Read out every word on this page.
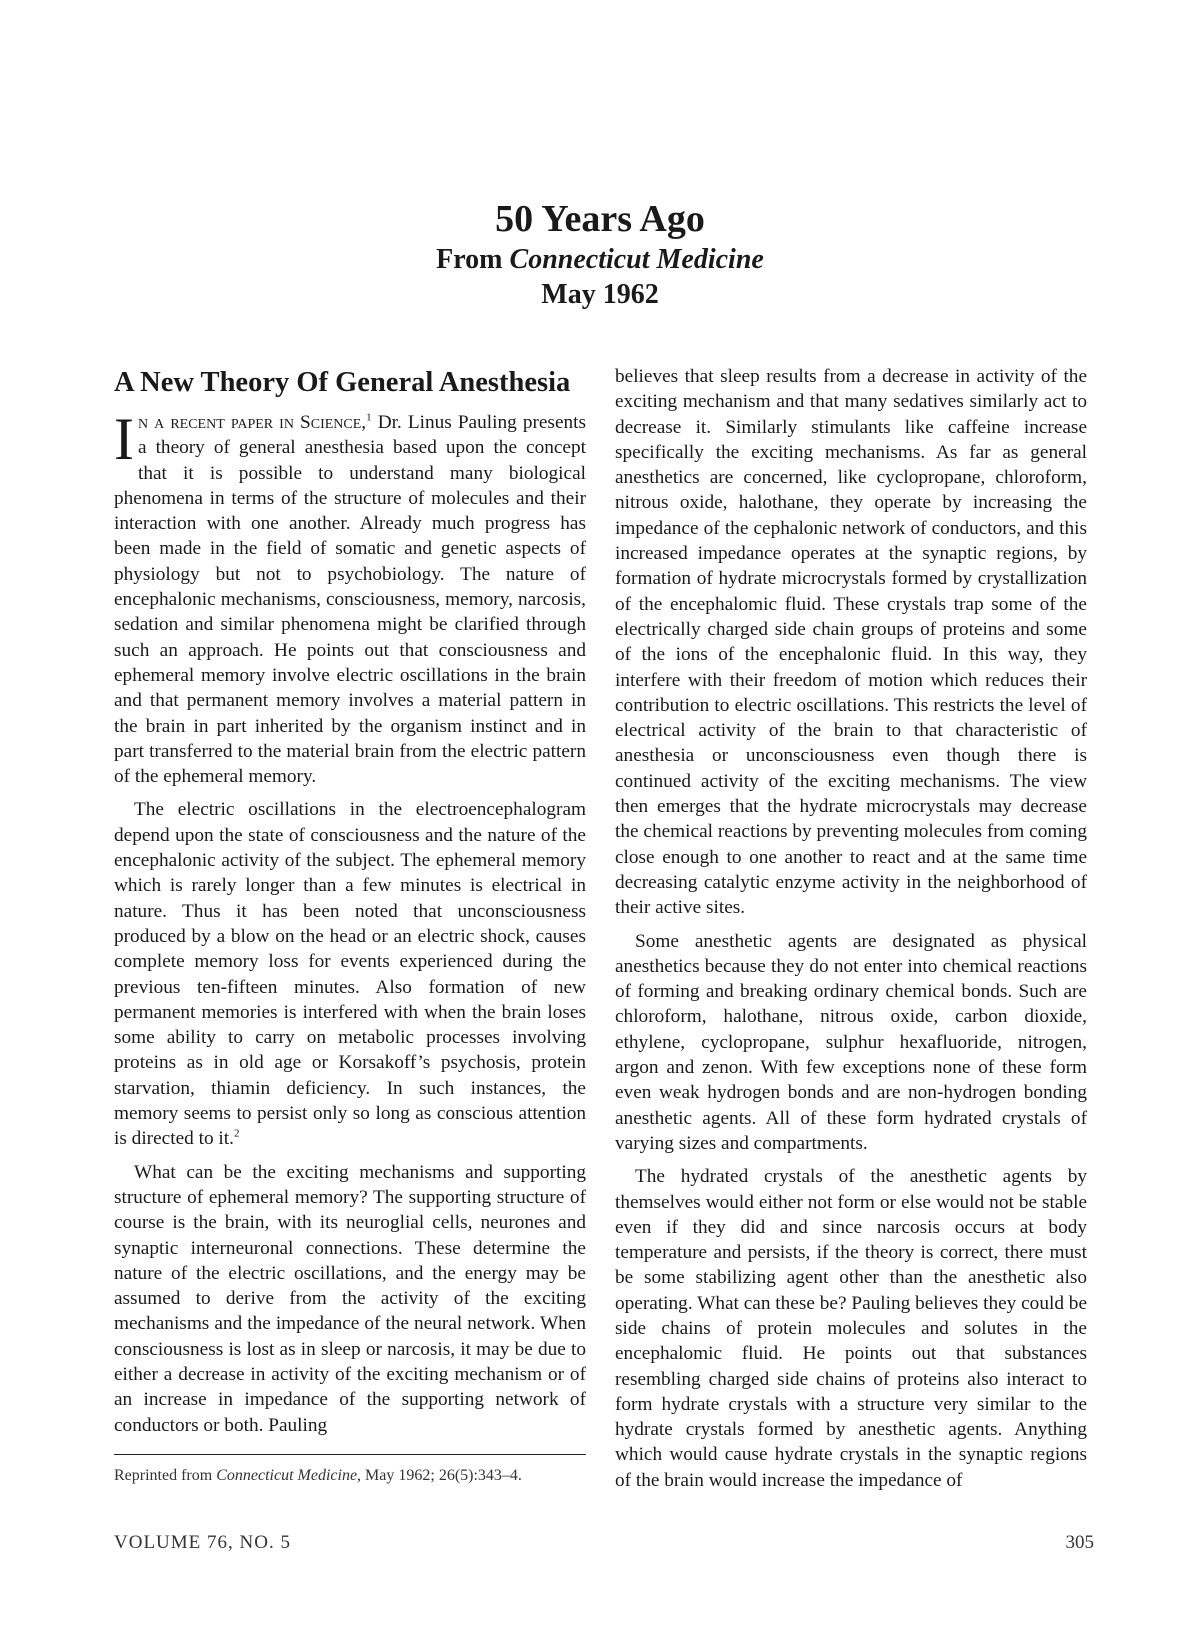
50 Years Ago
From Connecticut Medicine
May 1962
A New Theory Of General Anesthesia

In a recent paper in Science,$^1$ Dr. Linus Pauling presents a theory of general anesthesia based upon the concept that it is possible to understand many biological phenomena in terms of the structure of molecules and their interaction with one another. Already much progress has been made in the field of somatic and genetic aspects of physiology but not to psychobiology. The nature of encephalonic mechanisms, consciousness, memory, narcosis, sedation and similar phenomena might be clarified through such an approach. He points out that consciousness and ephemeral memory involve electric oscillations in the brain and that permanent memory involves a material pattern in the brain in part inherited by the organism instinct and in part transferred to the material brain from the electric pattern of the ephemeral memory.

The electric oscillations in the electroencephalogram depend upon the state of consciousness and the nature of the encephalonic activity of the subject. The ephemeral memory which is rarely longer than a few minutes is electrical in nature. Thus it has been noted that unconsciousness produced by a blow on the head or an electric shock, causes complete memory loss for events experienced during the previous ten-fifteen minutes. Also formation of new permanent memories is interfered with when the brain loses some ability to carry on metabolic processes involving proteins as in old age or Korsakoff’s psychosis, protein starvation, thiamin deficiency. In such instances, the memory seems to persist only so long as conscious attention is directed to it.$^2$

What can be the exciting mechanisms and supporting structure of ephemeral memory? The supporting structure of course is the brain, with its neuroglial cells, neurones and synaptic interneuronal connections. These determine the nature of the electric oscillations, and the energy may be assumed to derive from the activity of the exciting mechanisms and the impedance of the neural network. When consciousness is lost as in sleep or narcosis, it may be due to either a decrease in activity of the exciting mechanism or of an increase in impedance of the supporting network of conductors or both. Pauling

Reprinted from Connecticut Medicine, May 1962; 26(5):343–4.

believes that sleep results from a decrease in activity of the exciting mechanism and that many sedatives similarly act to decrease it. Similarly stimulants like caffeine increase specifically the exciting mechanisms. As far as general anesthetics are concerned, like cyclopropane, chloroform, nitrous oxide, halothane, they operate by increasing the impedance of the cephalonic network of conductors, and this increased impedance operates at the synaptic regions, by formation of hydrate microcrystals formed by crystallization of the encephalomic fluid. These crystals trap some of the electrically charged side chain groups of proteins and some of the ions of the encephalonic fluid. In this way, they interfere with their freedom of motion which reduces their contribution to electric oscillations. This restricts the level of electrical activity of the brain to that characteristic of anesthesia or unconsciousness even though there is continued activity of the exciting mechanisms. The view then emerges that the hydrate microcrystals may decrease the chemical reactions by preventing molecules from coming close enough to one another to react and at the same time decreasing catalytic enzyme activity in the neighborhood of their active sites.

Some anesthetic agents are designated as physical anesthetics because they do not enter into chemical reactions of forming and breaking ordinary chemical bonds. Such are chloroform, halothane, nitrous oxide, carbon dioxide, ethylene, cyclopropane, sulphur hexafluoride, nitrogen, argon and zenon. With few exceptions none of these form even weak hydrogen bonds and are non-hydrogen bonding anesthetic agents. All of these form hydrated crystals of varying sizes and compartments.

The hydrated crystals of the anesthetic agents by themselves would either not form or else would not be stable even if they did and since narcosis occurs at body temperature and persists, if the theory is correct, there must be some stabilizing agent other than the anesthetic also operating. What can these be? Pauling believes they could be side chains of protein molecules and solutes in the encephalomic fluid. He points out that substances resembling charged side chains of proteins also interact to form hydrate crystals with a structure very similar to the hydrate crystals formed by anesthetic agents. Anything which would cause hydrate crystals in the synaptic regions of the brain would increase the impedance of

VOLUME 76, NO. 5	305
